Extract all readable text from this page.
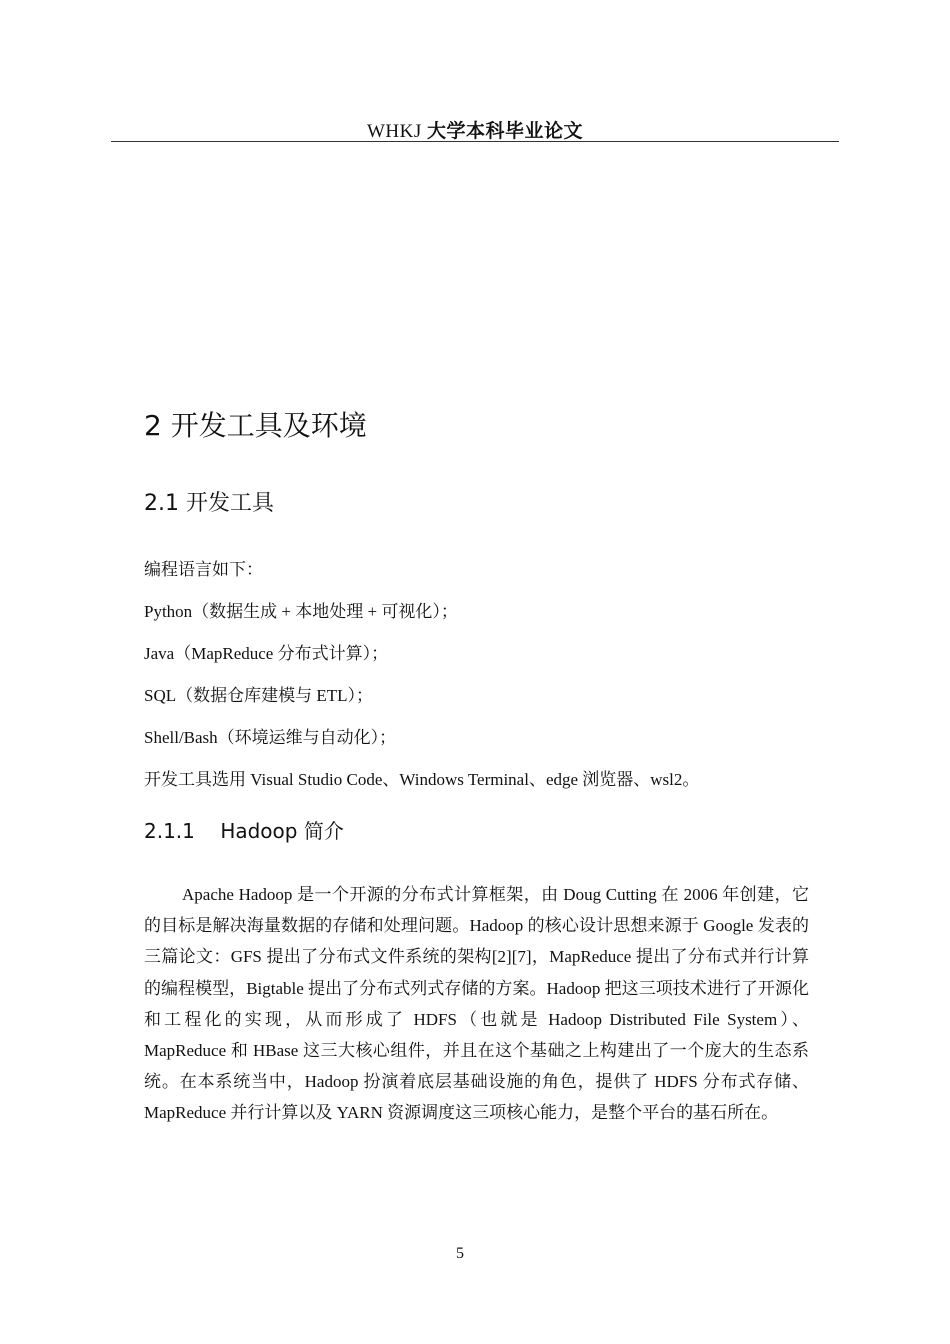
WHKJ 大学本科毕业论文
2 开发工具及环境
2.1 开发工具
编程语言如下：
Python（数据生成 + 本地处理 + 可视化）；
Java（MapReduce 分布式计算）；
SQL（数据仓库建模与 ETL）；
Shell/Bash（环境运维与自动化）；
开发工具选用 Visual Studio Code、Windows Terminal、edge 浏览器、wsl2。
2.1.1    Hadoop 简介
Apache Hadoop 是一个开源的分布式计算框架，由 Doug Cutting 在 2006 年创建，它的目标是解决海量数据的存储和处理问题。Hadoop 的核心设计思想来源于 Google 发表的三篇论文：GFS 提出了分布式文件系统的架构[2][7]，MapReduce 提出了分布式并行计算的编程模型，Bigtable 提出了分布式列式存储的方案。Hadoop 把这三项技术进行了开源化和工程化的实现，从而形成了 HDFS（也就是 Hadoop Distributed File System）、MapReduce 和 HBase 这三大核心组件，并且在这个基础之上构建出了一个庞大的生态系统。在本系统当中，Hadoop 扮演着底层基础设施的角色，提供了 HDFS 分布式存储、MapReduce 并行计算以及 YARN 资源调度这三项核心能力，是整个平台的基石所在。
5
